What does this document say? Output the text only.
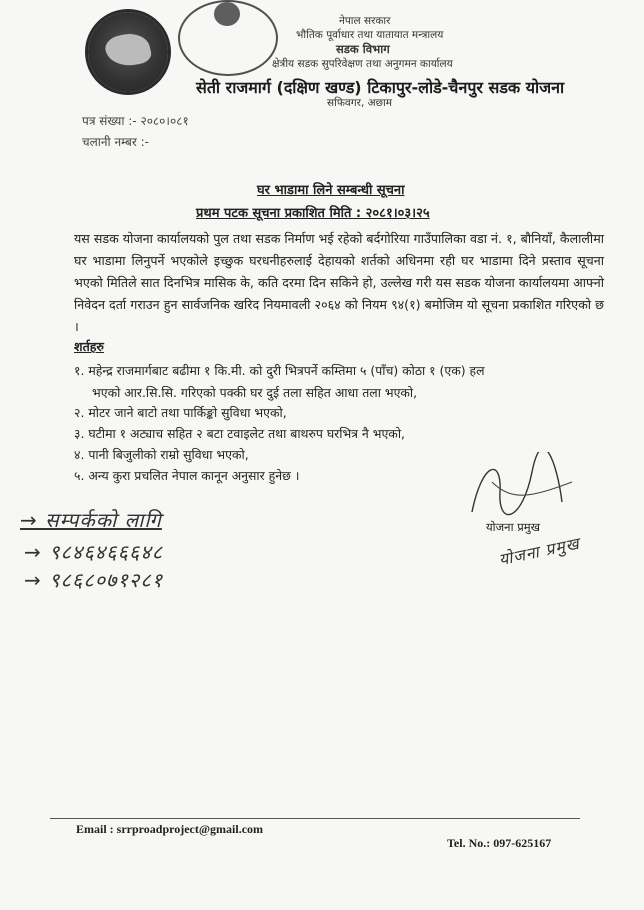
नेपाल सरकार
भौतिक पूर्वाधार तथा यातायात मन्त्रालय
सडक विभाग
क्षेत्रीय सडक सुपरिवेक्षण तथा अनुगमन कार्यालय
सेती राजमार्ग (दक्षिण खण्ड) टिकापुर-लोडे-चैनपुर सडक योजना
सफिवगर, अछाम
पत्र संख्या :- २०८०।०८१
चलानी नम्बर :-
घर भाडामा लिने सम्बन्धी सूचना
प्रथम पटक सूचना प्रकाशित मिति : २०८१।०३।२५
यस सडक योजना कार्यालयको पुल तथा सडक निर्माण भई रहेको बर्दगोरिया गाउँपालिका वडा नं. १, बौनियाँ, कैलालीमा घर भाडामा लिनुपर्ने भएकोले इच्छुक घरधनीहरुलाई देहायको शर्तको अधिनमा रही घर भाडामा दिने प्रस्ताव सूचना भएको मितिले सात दिनभित्र मासिक के, कति दरमा दिन सकिने हो, उल्लेख गरी यस सडक योजना कार्यालयमा आफ्नो निवेदन दर्ता गराउन हुन सार्वजनिक खरिद नियमावली २०६४ को नियम ९४(१) बमोजिम यो सूचना प्रकाशित गरिएको छ ।
शर्तहरु
१. महेन्द्र राजमार्गबाट बढीमा १ कि.मी. को दुरी भित्रपर्ने कम्तिमा ५ (पाँच) कोठा १ (एक) हल
भएको आर.सि.सि. गरिएको पक्की घर दुई तला सहित आधा तला भएको,
२. मोटर जाने बाटो तथा पार्किङ्को सुविधा भएको,
३. घटीमा १ अट्याच सहित २ बटा टवाइलेट तथा बाथरुप घरभित्र नै भएको,
४. पानी बिजुलीको राम्रो सुविधा भएको,
५. अन्य कुरा प्रचलित नेपाल कानून अनुसार हुनेछ ।
योजना प्रमुख
योजना प्रमुख
→ सम्पर्कको लागि
→ ९८४६४६६६४८
→ ९८६८०७१२८१
Email : srrproadproject@gmail.com
Tel. No.: 097-625167
